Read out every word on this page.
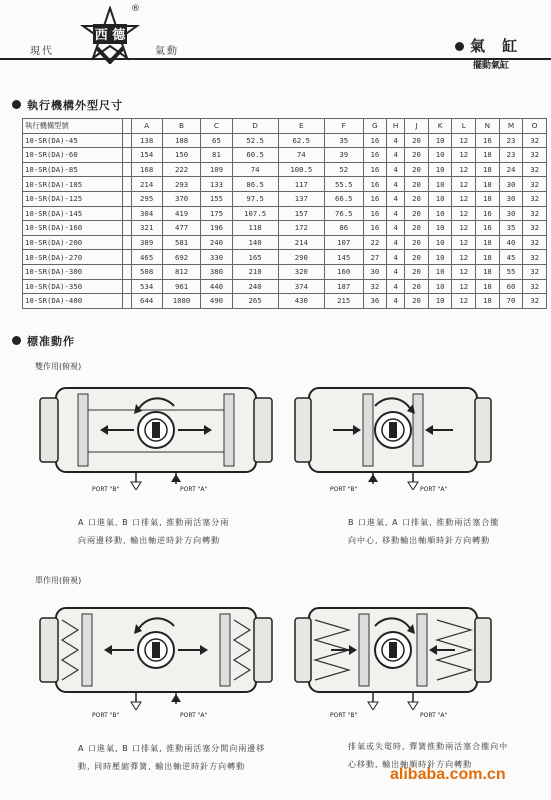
現代
西 德
®
氣動	氣 缸
擺動氣缸
執行機構外型尺寸
執行機構型號		A	B	C	D	E	F	G	H	J	K	L	N	M	O
10-SR(DA)-45		138	188	65	52.5	62.5	35	16	4	20	10	12	16	23	32
10-SR(DA)-60		154	150	81	60.5	74	39	16	4	20	10	12	18	23	32
10-SR(DA)-85		168	222	109	74	100.5	52	16	4	20	10	12	18	24	32
10-SR(DA)-105		214	293	133	86.5	117	55.5	16	4	20	10	12	18	30	32
10-SR(DA)-125		295	370	155	97.5	137	66.5	16	4	20	10	12	18	30	32
10-SR(DA)-145		304	419	175	107.5	157	76.5	16	4	20	10	12	16	30	32
10-SR(DA)-160		321	477	196	118	172	86	16	4	20	10	12	16	35	32
10-SR(DA)-200		389	581	240	140	214	107	22	4	20	10	12	18	40	32
10-SR(DA)-270		465	692	330	165	290	145	27	4	20	10	12	18	45	32
10-SR(DA)-300		508	812	380	210	320	160	30	4	20	10	12	18	55	32
10-SR(DA)-350		534	961	440	240	374	187	32	4	20	10	12	18	60	32
10-SR(DA)-400		644	1080	490	265	430	215	36	4	20	10	12	18	70	32
標准動作
雙作用(俯視)
PORT "B"	PORT "A"	PORT "B"	PORT "A"
A 口進氣, B 口排氣, 推動兩活塞分兩
向兩邊移動, 輸出軸逆時針方向轉動
B 口進氣, A 口排氣, 推動兩活塞合攏
向中心, 移動輸出軸順時針方向轉動
單作用(俯視)
PORT "B"	PORT "A"	PORT "B"	PORT "A"
A 口進氣, B 口排氣, 推動兩活塞分開向兩邊移
動, 同時壓縮彈簧, 輸出軸逆時針方向轉動
排氣或失電時, 彈簧推動兩活塞合攏向中
心移動, 輸出軸順時針方向轉動
alibaba.com.cn
